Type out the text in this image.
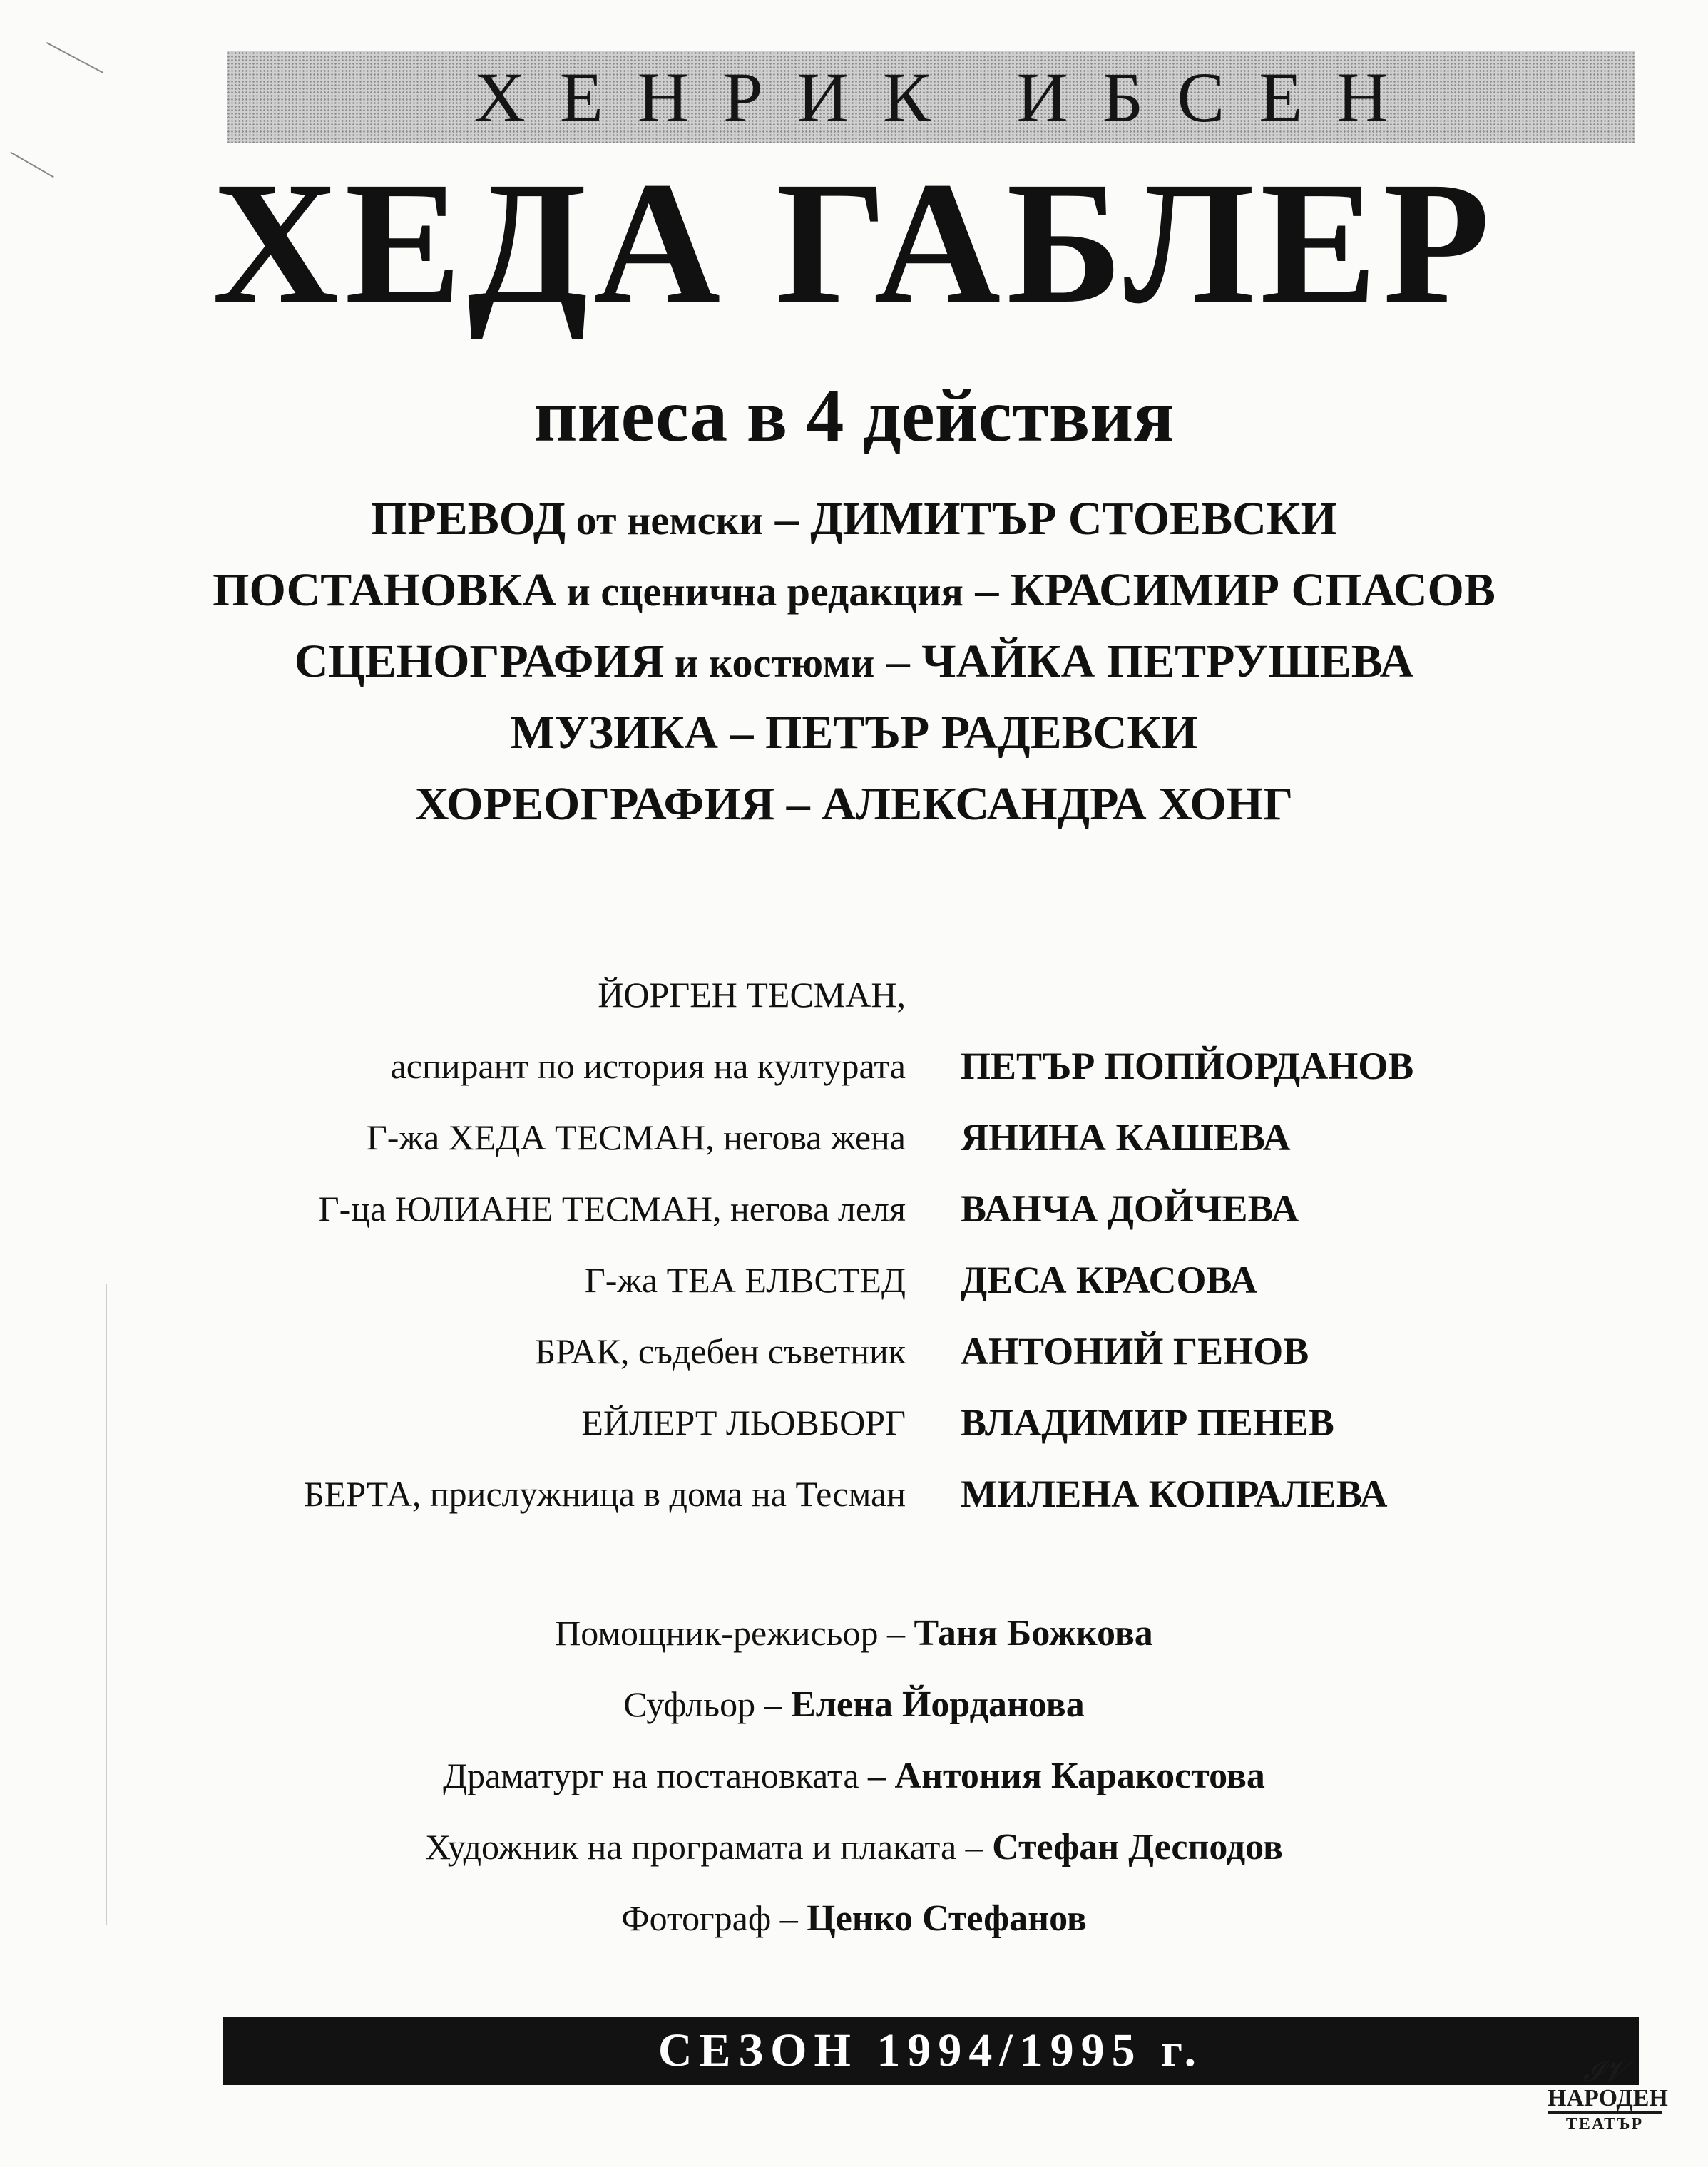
ХЕНРИК ИБСЕН
ХЕДА ГАБЛЕР
пиеса в 4 действия
ПРЕВОД от немски – ДИМИТЪР СТОЕВСКИ
ПОСТАНОВКА и сценична редакция – КРАСИМИР СПАСОВ
СЦЕНОГРАФИЯ и костюми – ЧАЙКА ПЕТРУШЕВА
МУЗИКА – ПЕТЪР РАДЕВСКИ
ХОРЕОГРАФИЯ – АЛЕКСАНДРА ХОНГ
ЙОРГЕН ТЕСМАН,
аспирант по история на културата ПЕТЪР ПОПЙОРДАНОВ
Г-жа ХЕДА ТЕСМАН, негова жена ЯНИНА КАШЕВА
Г-ца ЮЛИАНЕ ТЕСМАН, негова леля ВАНЧА ДОЙЧЕВА
Г-жа ТЕА ЕЛВСТЕД ДЕСА КРАСОВА
БРАК, съдебен съветник АНТОНИЙ ГЕНОВ
ЕЙЛЕРТ ЛЬОВБОРГ ВЛАДИМИР ПЕНЕВ
БЕРТА, прислужница в дома на Тесман МИЛЕНА КОПРАЛЕВА
Помощник-режисьор – Таня Божкова
Суфльор – Елена Йорданова
Драматург на постановката – Антония Каракостова
Художник на програмата и плаката – Стефан Десподов
Фотограф – Ценко Стефанов
СЕЗОН 1994/1995 г.	𝓘𝓥
НАРОДЕН
ТЕАТЪР
